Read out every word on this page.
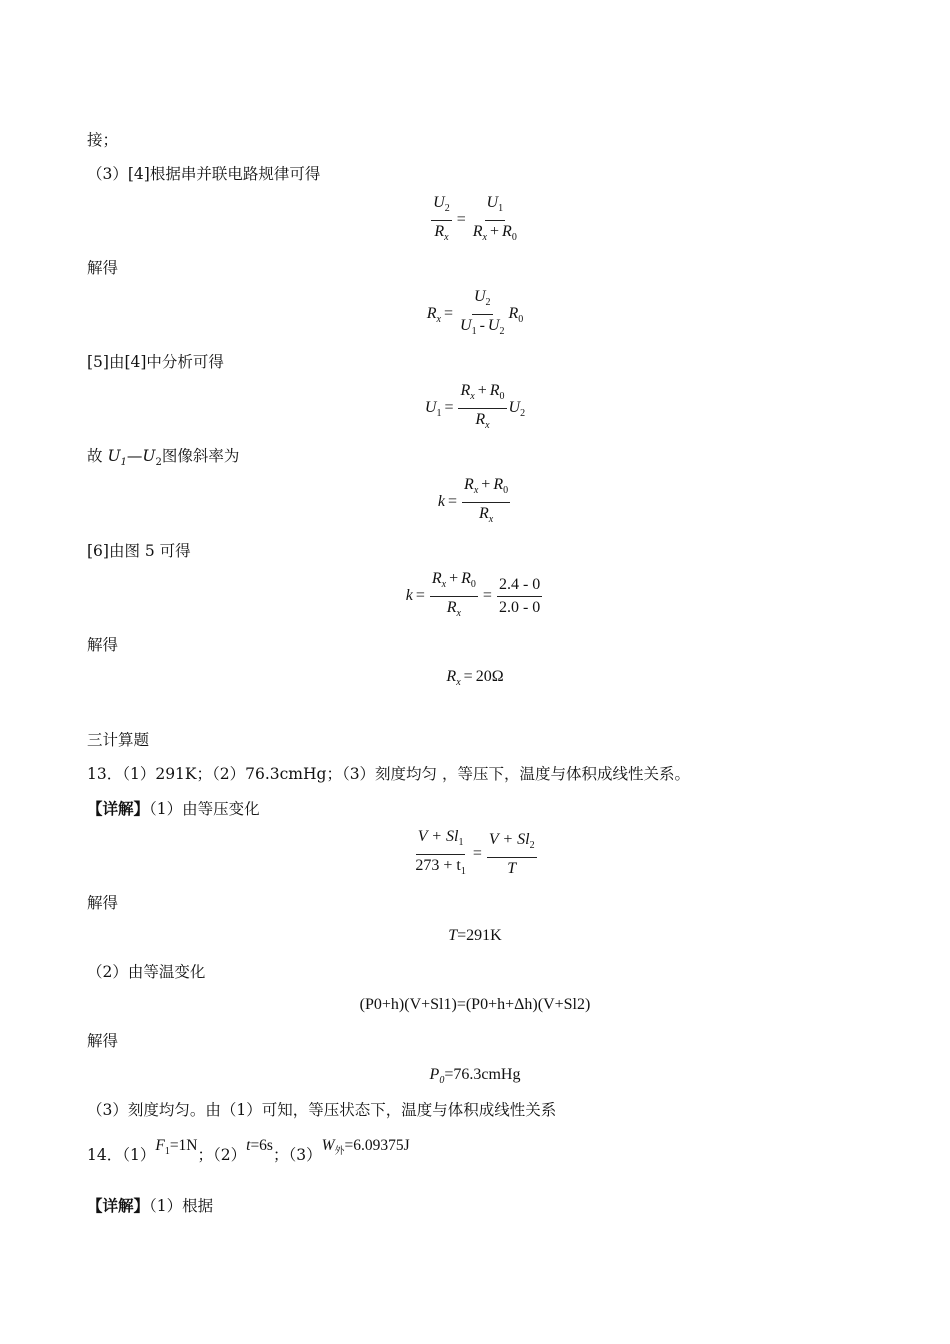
接；
（3）[4]根据串并联电路规律可得
$\frac{U_2}{R_x} = \frac{U_1}{R_x + R_0}$
解得
$R_x = \frac{U_2}{U_1 - U_2} R_0$
[5]由[4]中分析可得
$U_1 = \frac{R_x + R_0}{R_x} U_2$
故 $U_1—U_2$图像斜率为
$k = \frac{R_x + R_0}{R_x}$
[6]由图 5 可得
$k = \frac{R_x + R_0}{R_x} = \frac{2.4 - 0}{2.0 - 0}$
解得
$R_x = 20\Omega$
三计算题
13．（1）291K；（2）76.3cmHg；（3）刻度均匀 ，等压下，温度与体积成线性关系。
【详解】（1）由等压变化
$\frac{V + Sl_1}{273 + t_1} = \frac{V + Sl_2}{T}$
解得
T=291K
（2）由等温变化
(P0+h)(V+Sl1)=(P0+h+Δh)(V+Sl2)
解得
$P_0=76.3cmHg$
（3）刻度均匀。由（1）可知，等压状态下，温度与体积成线性关系
14．$(1)F_1=1N$；（2）t=6s；$(3)W_外=6.09375J$
【详解】（1）根据
